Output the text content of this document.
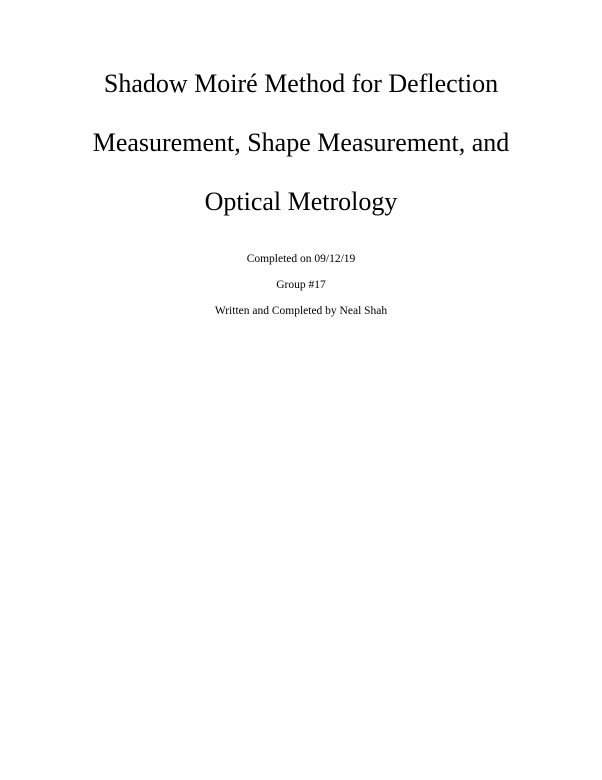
Shadow Moiré Method for Deflection
Measurement, Shape Measurement, and
Optical Metrology
Completed on 09/12/19
Group #17
Written and Completed by Neal Shah
